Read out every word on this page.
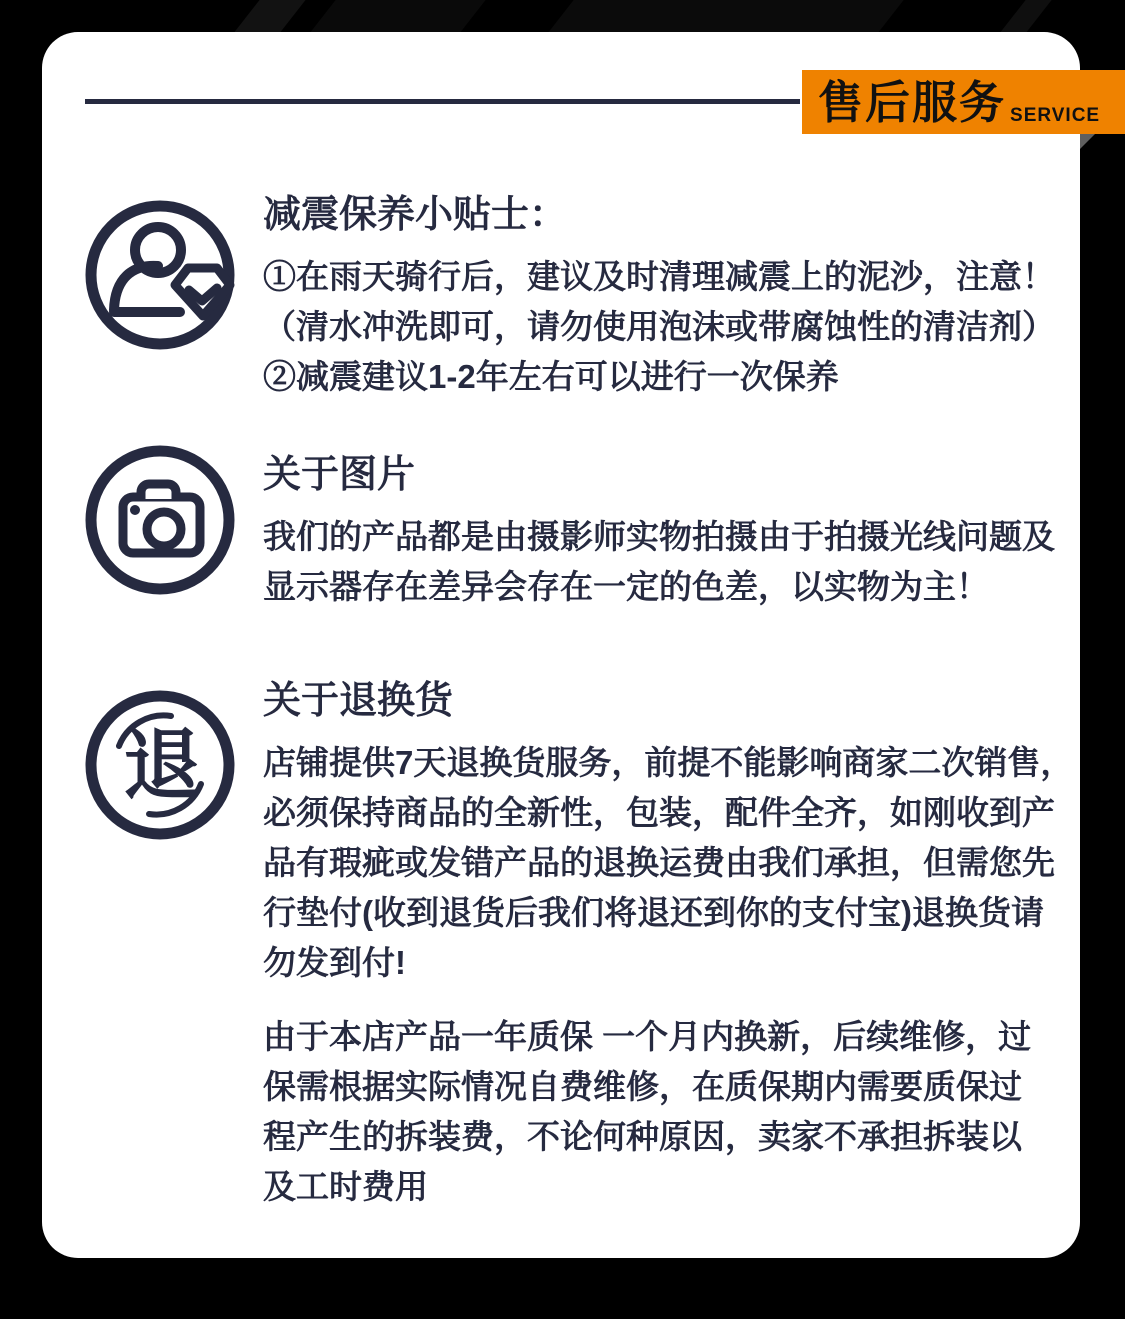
售后服务 SERVICE
减震保养小贴士：
①在雨天骑行后，建议及时清理减震上的泥沙，注意！
（清水冲洗即可，请勿使用泡沫或带腐蚀性的清洁剂）
②减震建议1-2年左右可以进行一次保养
关于图片
我们的产品都是由摄影师实物拍摄由于拍摄光线问题及
显示器存在差异会存在一定的色差，以实物为主！
退
关于退换货
店铺提供7天退换货服务，前提不能影响商家二次销售，
必须保持商品的全新性，包装，配件全齐，如刚收到产
品有瑕疵或发错产品的退换运费由我们承担，但需您先
行垫付(收到退货后我们将退还到你的支付宝)退换货请
勿发到付!
由于本店产品一年质保 一个月内换新，后续维修，过
保需根据实际情况自费维修，在质保期内需要质保过
程产生的拆装费，不论何种原因，卖家不承担拆装以
及工时费用
